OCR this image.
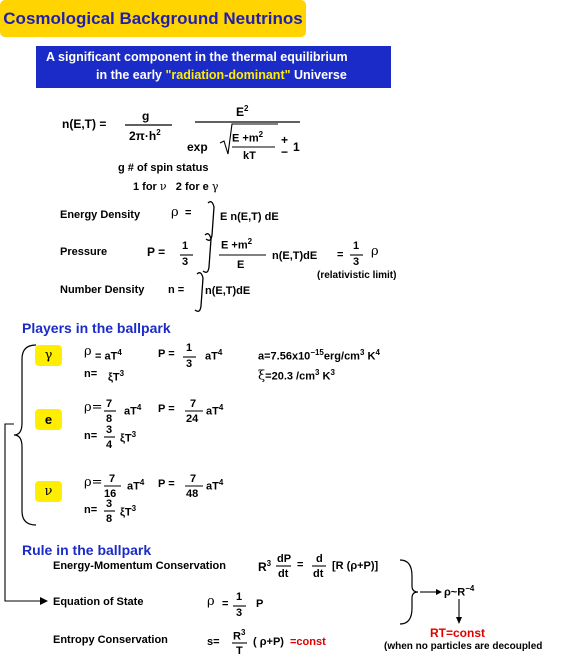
Cosmological Background Neutrinos
A significant component in the thermal equilibrium
in the early "radiation-dominant" Universe
n(E,T) =
g
$2\pi\cdot h^2$
$E^2$
exp
$E +m^2$
kT
+
− 1
g # of spin status
1 for ν 2 for e γ
Energy Density ρ =	E n(E,T) dE
Pressure	P = 1
3
$E +m^2$
E
n(E,T)dE =
1
3
ρ
(relativistic limit)
Number Density n = n(E,T)dE
Players in the ballpark
γ	$\rho = aT^4$
$n= \xi T^3$
P = 1
3
$aT^4$	$a=7.56x10^{-15}erg/cm^3$ $K^4$
ξ=20.3 $/cm^3$ $K^3$
e
ρ= 7
8
$aT^4$ P = 7
24
$aT^4$
n= 3
4
$\xi T^3$
ν
ρ= 7
16
$aT^4$ P = 7
48
$aT^4$
n= 3
8
$\xi T^3$
Rule in the ballpark
Energy-Momentum Conservation	$R^3$ dP
dt
= d
dt
[R (ρ+P)]
Equation of State	ρ =
1
3
P
Entropy Conservation	$s= R^3$
T
( ρ+P) =const
$\rho\sim R^{-4}$
RT=const
(when no particles are decoupled
